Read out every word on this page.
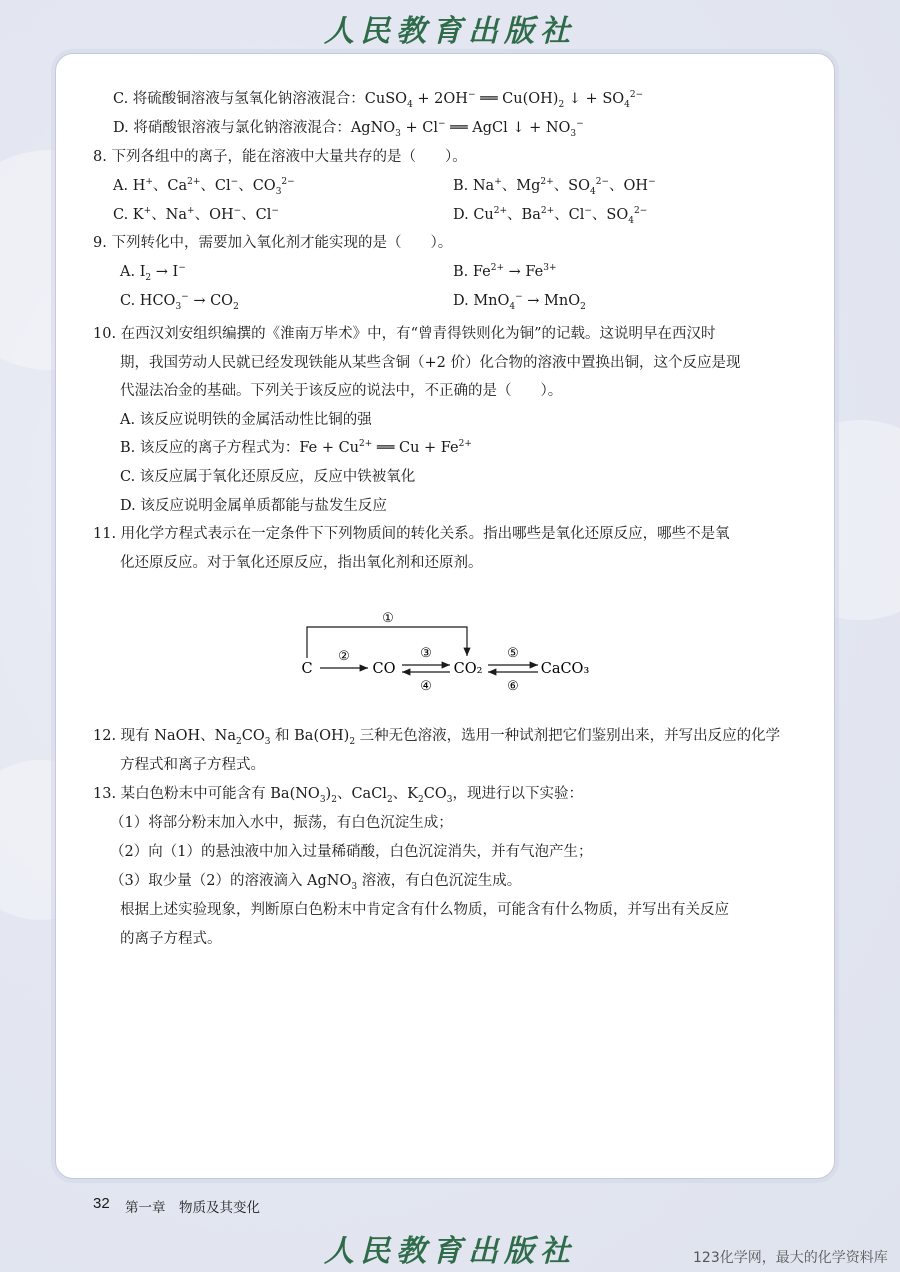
人民教育出版社
C. 将硫酸铜溶液与氢氧化钠溶液混合：CuSO$_4$ + 2OH− ══ $Cu(OH)_2$ ↓ + $SO_4^{2-}$
D. 将硝酸银溶液与氯化钠溶液混合：AgNO$_3$ + Cl− ══ AgCl ↓ + $NO_3^-$
8. 下列各组中的离子，能在溶液中大量共存的是（　　）。
A. H+、$Ca^{2+}$、Cl−、$CO_3^{2-}$	B. Na+、$Mg^{2+}$、$SO_4^{2-}$、OH−
C. K+、Na+、OH−、Cl−	D. $Cu^{2+}$、$Ba^{2+}$、Cl−、$SO_4^{2-}$
9. 下列转化中，需要加入氧化剂才能实现的是（　　）。
A. $I_2 \to I^-$	B. $Fe^{2+} \to Fe^{3+}$
C. $HCO_3^- \to CO_2$	D. MnO$_4$− → MnO$_2$
10. 在西汉刘安组织编撰的《淮南万毕术》中，有“曾青得铁则化为铜”的记载。这说明早在西汉时
期，我国劳动人民就已经发现铁能从某些含铜（+2 价）化合物的溶液中置换出铜，这个反应是现
代湿法冶金的基础。下列关于该反应的说法中，不正确的是（　　）。
A. 该反应说明铁的金属活动性比铜的强
B. 该反应的离子方程式为：$Fe + Cu^{2+}$ ══ $Cu + Fe^{2+}$
C. 该反应属于氧化还原反应，反应中铁被氧化
D. 该反应说明金属单质都能与盐发生反应
11. 用化学方程式表示在一定条件下下列物质间的转化关系。指出哪些是氧化还原反应，哪些不是氧
化还原反应。对于氧化还原反应，指出氧化剂和还原剂。
12. 现有 NaOH、$Na_2CO_3$ 和 $Ba(OH)_2$ 三种无色溶液，选用一种试剂把它们鉴别出来，并写出反应的化学
方程式和离子方程式。
13. 某白色粉末中可能含有 $Ba(NO_3)_2$、CaCl$_2$、$K_2CO_3$，现进行以下实验：
（1）将部分粉末加入水中，振荡，有白色沉淀生成；
（2）向（1）的悬浊液中加入过量稀硝酸，白色沉淀消失，并有气泡产生；
（3）取少量（2）的溶液滴入 AgNO$_3$ 溶液，有白色沉淀生成。
根据上述实验现象，判断原白色粉末中肯定含有什么物质，可能含有什么物质，并写出有关反应
的离子方程式。
①
C	CO	CO₂	CaCO₃
②	③
④
⑤
⑥
32 第一章　物质及其变化
人民教育出版社	123化学网，最大的化学资料库
